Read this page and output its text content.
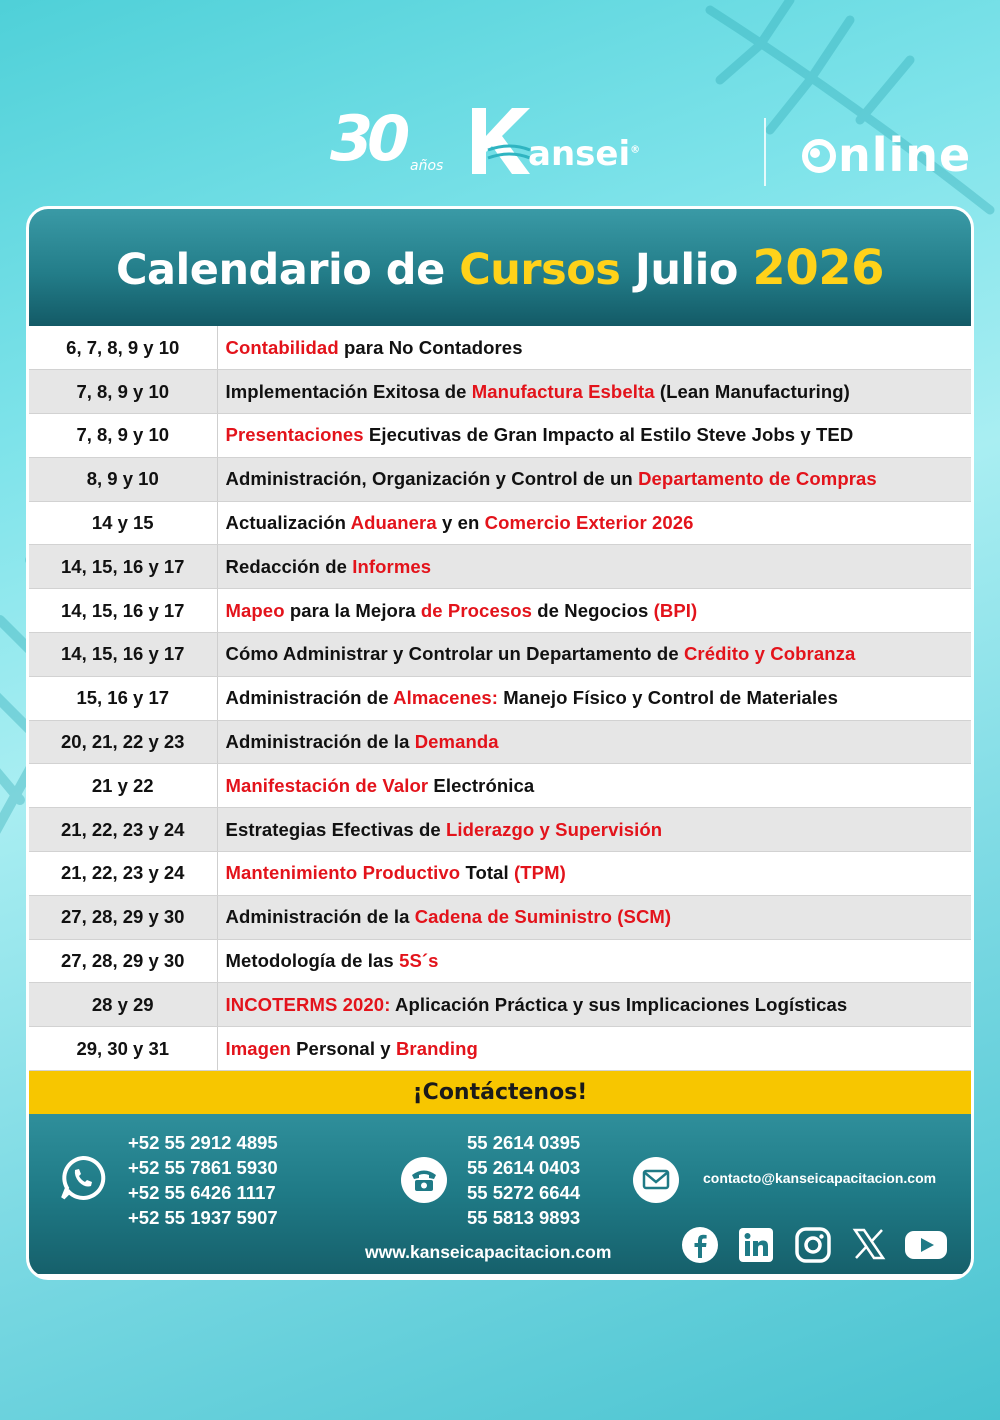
30 años ansei®	nline
Calendario de Cursos Julio 2026
6, 7, 8, 9 y 10	Contabilidad para No Contadores
7, 8, 9 y 10	Implementación Exitosa de Manufactura Esbelta (Lean Manufacturing)
7, 8, 9 y 10	Presentaciones Ejecutivas de Gran Impacto al Estilo Steve Jobs y TED
8, 9 y 10	Administración, Organización y Control de un Departamento de Compras
14 y 15	Actualización Aduanera y en Comercio Exterior 2026
14, 15, 16 y 17	Redacción de Informes
14, 15, 16 y 17	Mapeo para la Mejora de Procesos de Negocios (BPI)
14, 15, 16 y 17	Cómo Administrar y Controlar un Departamento de Crédito y Cobranza
15, 16 y 17	Administración de Almacenes: Manejo Físico y Control de Materiales
20, 21, 22 y 23	Administración de la Demanda
21 y 22	Manifestación de Valor Electrónica
21, 22, 23 y 24	Estrategias Efectivas de Liderazgo y Supervisión
21, 22, 23 y 24	Mantenimiento Productivo Total (TPM)
27, 28, 29 y 30	Administración de la Cadena de Suministro (SCM)
27, 28, 29 y 30	Metodología de las 5S´s
28 y 29	INCOTERMS 2020: Aplicación Práctica y sus Implicaciones Logísticas
29, 30 y 31	Imagen Personal y Branding
¡Contáctenos!
+52 55 2912 4895
+52 55 7861 5930
+52 55 6426 1117
+52 55 1937 5907
55 2614 0395
55 2614 0403
55 5272 6644
55 5813 9893
contacto@kanseicapacitacion.com
www.kanseicapacitacion.com
